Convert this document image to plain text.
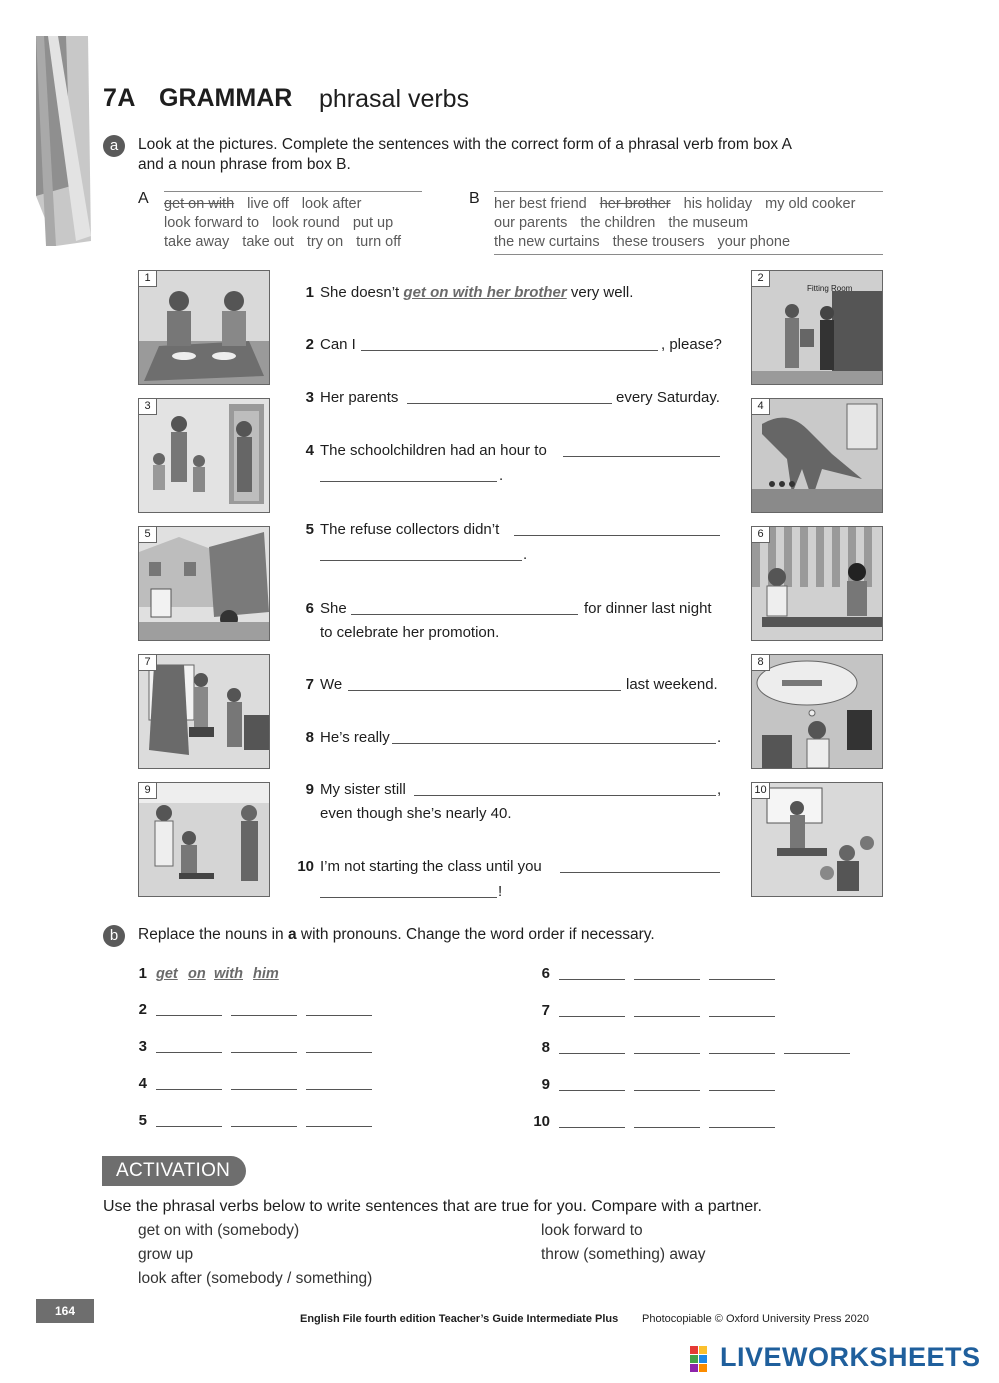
7A GRAMMAR phrasal verbs
a	Look at the pictures. Complete the sentences with the correct form of a phrasal verb from box A
and a noun phrase from box B.
A get on with live off look after
look forward to look round put up
take away take out try on turn off
B her best friend her brother his holiday my old cooker
our parents the children the museum
the new curtains these trousers your phone
1
3
5
7
9
Fitting Room
2
4
6
8
10
1 She doesn’t get on with her brother very well.
2 Can I	, please?
3 Her parents	every Saturday.
4 The schoolchildren had an hour to
.
5 The refuse collectors didn’t
.
6 She	for dinner last night
to celebrate her promotion.
7 We	last weekend.
8 He’s really	.
9 My sister still	,
even though she’s nearly 40.
10 I’m not starting the class until you
!
b	Replace the nouns in a with pronouns. Change the word order if necessary.
1 get on with him
2
3
4
5
6
7
8
9
10
ACTIVATION
Use the phrasal verbs below to write sentences that are true for you. Compare with a partner.
get on with (somebody)
grow up
look after (somebody / something)
look forward to
throw (something) away
164
English File fourth edition Teacher’s Guide Intermediate Plus Photocopiable © Oxford University Press 2020
LIVEWORKSHEETS
